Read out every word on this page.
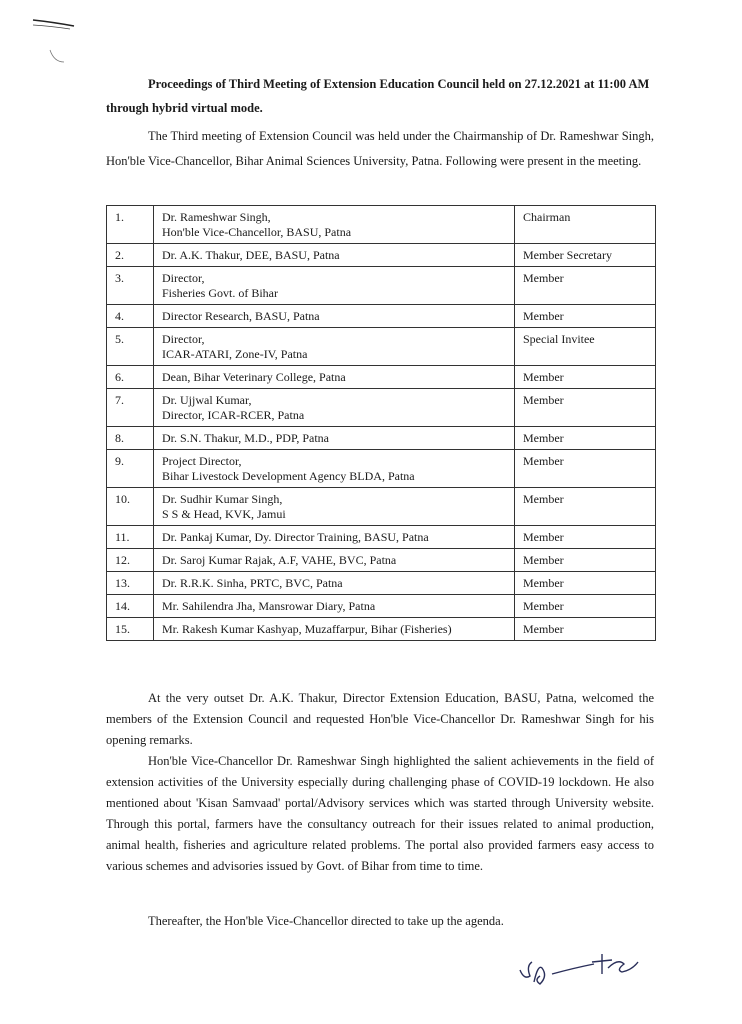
Proceedings of Third Meeting of Extension Education Council held on 27.12.2021 at 11:00 AM through hybrid virtual mode.
The Third meeting of Extension Council was held under the Chairmanship of Dr. Rameshwar Singh, Hon'ble Vice-Chancellor, Bihar Animal Sciences University, Patna. Following were present in the meeting.
1.	Dr. Rameshwar Singh,
Hon'ble Vice-Chancellor, BASU, Patna	Chairman
2.	Dr. A.K. Thakur, DEE, BASU, Patna	Member Secretary
3.	Director,
Fisheries Govt. of Bihar	Member
4.	Director Research, BASU, Patna	Member
5.	Director,
ICAR-ATARI, Zone-IV, Patna	Special Invitee
6.	Dean, Bihar Veterinary College, Patna	Member
7.	Dr. Ujjwal Kumar,
Director, ICAR-RCER, Patna	Member
8.	Dr. S.N. Thakur, M.D., PDP, Patna	Member
9.	Project Director,
Bihar Livestock Development Agency BLDA, Patna	Member
10.	Dr. Sudhir Kumar Singh,
S S & Head, KVK, Jamui	Member
11.	Dr. Pankaj Kumar, Dy. Director Training, BASU, Patna	Member
12.	Dr. Saroj Kumar Rajak, A.F, VAHE, BVC, Patna	Member
13.	Dr. R.R.K. Sinha, PRTC, BVC, Patna	Member
14.	Mr. Sahilendra Jha, Mansrowar Diary, Patna	Member
15.	Mr. Rakesh Kumar Kashyap, Muzaffarpur, Bihar (Fisheries)	Member
At the very outset Dr. A.K. Thakur, Director Extension Education, BASU, Patna, welcomed the members of the Extension Council and requested Hon'ble Vice-Chancellor Dr. Rameshwar Singh for his opening remarks.
Hon'ble Vice-Chancellor Dr. Rameshwar Singh highlighted the salient achievements in the field of extension activities of the University especially during challenging phase of COVID-19 lockdown. He also mentioned about 'Kisan Samvaad' portal/Advisory services which was started through University website. Through this portal, farmers have the consultancy outreach for their issues related to animal production, animal health, fisheries and agriculture related problems. The portal also provided farmers easy access to various schemes and advisories issued by Govt. of Bihar from time to time.
Thereafter, the Hon'ble Vice-Chancellor directed to take up the agenda.
